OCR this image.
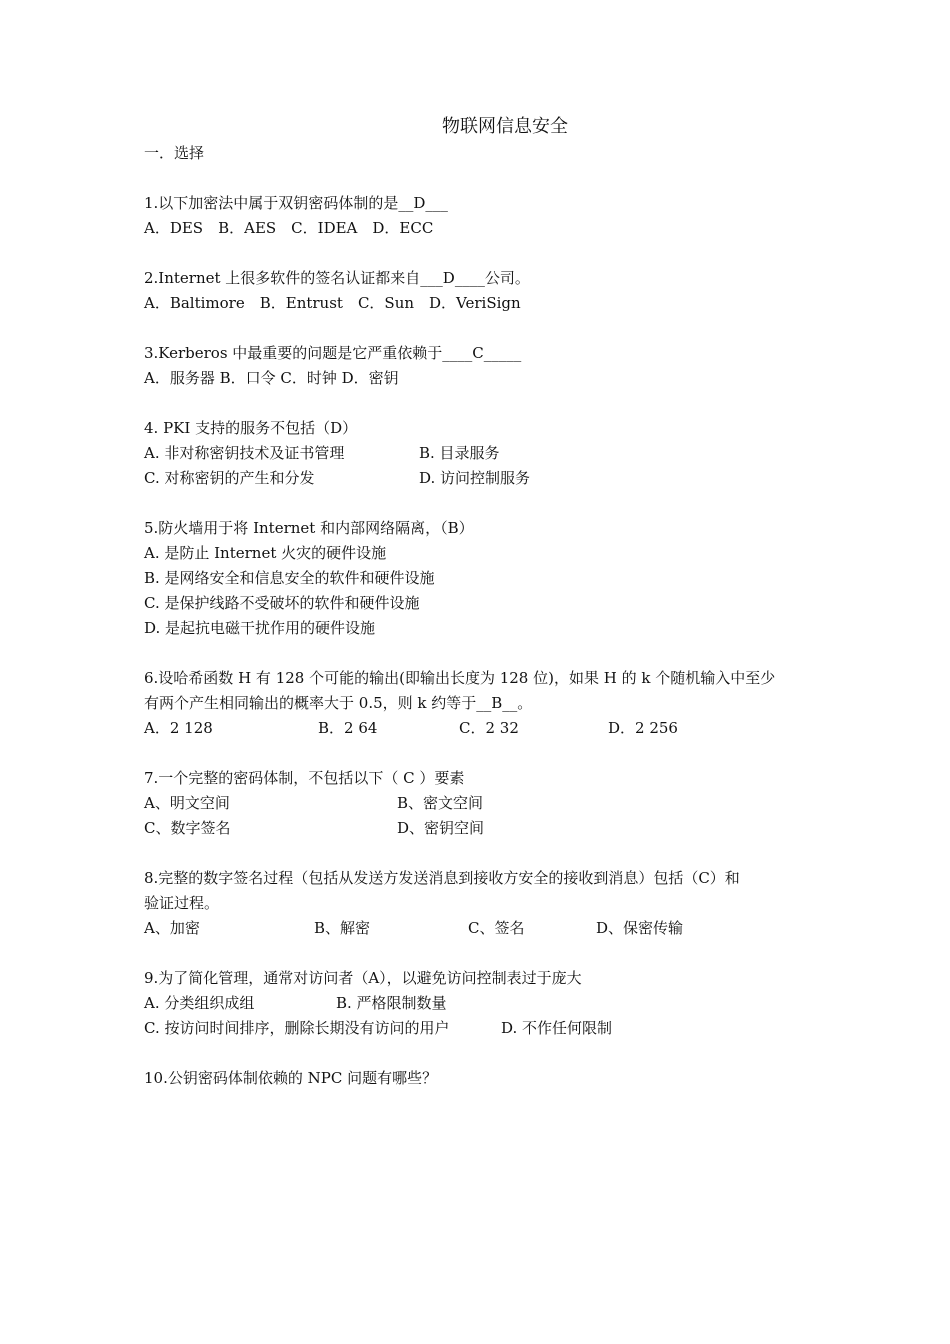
物联网信息安全
一．选择
1.以下加密法中属于双钥密码体制的是__D___
A．DES　B．AES　C．IDEA　D．ECC
2.Internet 上很多软件的签名认证都来自___D____公司。
A．Baltimore　B．Entrust　C．Sun　D．VeriSign
3.Kerberos 中最重要的问题是它严重依赖于____C_____
A．服务器 B．口令 C．时钟 D．密钥
4. PKI 支持的服务不包括（D）
A. 非对称密钥技术及证书管理	B. 目录服务
C. 对称密钥的产生和分发	D. 访问控制服务
5.防火墙用于将 Internet 和内部网络隔离，（B）
A. 是防止 Internet 火灾的硬件设施
B. 是网络安全和信息安全的软件和硬件设施
C. 是保护线路不受破坏的软件和硬件设施
D. 是起抗电磁干扰作用的硬件设施
6.设哈希函数 H 有 128 个可能的输出(即输出长度为 128 位)，如果 H 的 k 个随机输入中至少
有两个产生相同输出的概率大于 0.5，则 k 约等于__B__。
A．2 128	B．2 64	C．2 32	D．2 256
7.一个完整的密码体制，不包括以下（ C ）要素
A、明文空间	B、密文空间
C、数字签名	D、密钥空间
8.完整的数字签名过程（包括从发送方发送消息到接收方安全的接收到消息）包括（C）和
验证过程。
A、加密	B、解密	C、签名	D、保密传输
9.为了简化管理，通常对访问者（A），以避免访问控制表过于庞大
A. 分类组织成组	B. 严格限制数量
C. 按访问时间排序，删除长期没有访问的用户	D. 不作任何限制
10.公钥密码体制依赖的 NPC 问题有哪些？
